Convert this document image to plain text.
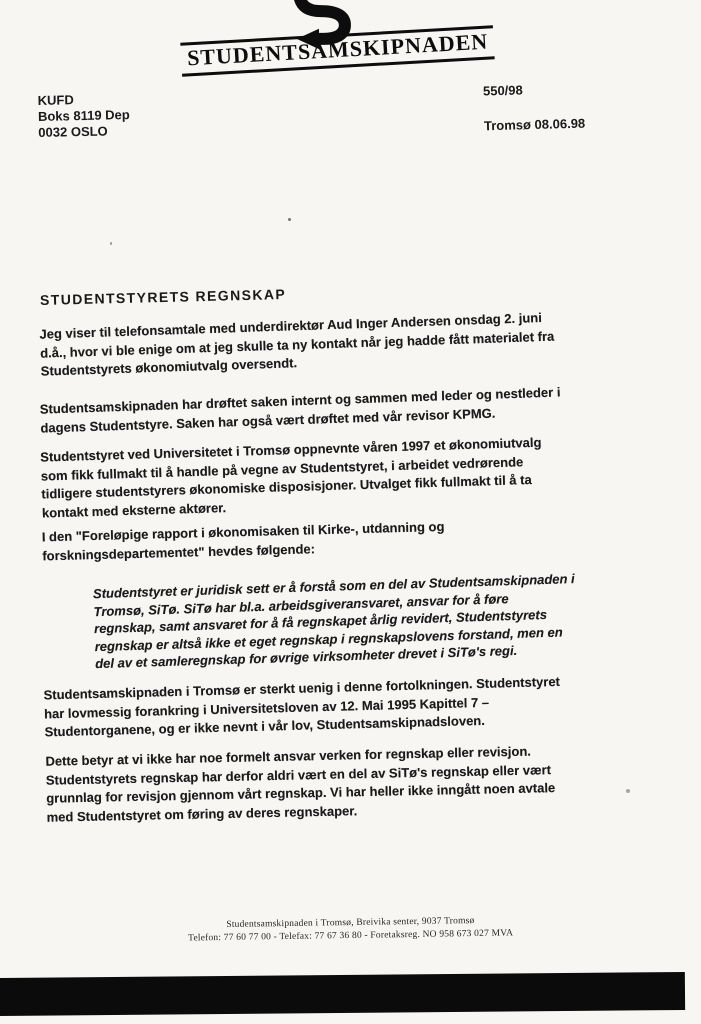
STUDENTSAMSKIPNADEN
KUFD
Boks 8119 Dep
0032 OSLO
550/98
Tromsø 08.06.98
STUDENTSTYRETS REGNSKAP
Jeg viser til telefonsamtale med underdirektør Aud Inger Andersen onsdag 2. juni
d.å., hvor vi ble enige om at jeg skulle ta ny kontakt når jeg hadde fått materialet fra
Studentstyrets økonomiutvalg oversendt.
Studentsamskipnaden har drøftet saken internt og sammen med leder og nestleder i
dagens Studentstyre. Saken har også vært drøftet med vår revisor KPMG.
Studentstyret ved Universitetet i Tromsø oppnevnte våren 1997 et økonomiutvalg
som fikk fullmakt til å handle på vegne av Studentstyret, i arbeidet vedrørende
tidligere studentstyrers økonomiske disposisjoner. Utvalget fikk fullmakt til å ta
kontakt med eksterne aktører.
I den "Foreløpige rapport i økonomisaken til Kirke-, utdanning og
forskningsdepartementet" hevdes følgende:
Studentstyret er juridisk sett er å forstå som en del av Studentsamskipnaden i
Tromsø, SiTø. SiTø har bl.a. arbeidsgiveransvaret, ansvar for å føre
regnskap, samt ansvaret for å få regnskapet årlig revidert, Studentstyrets
regnskap er altså ikke et eget regnskap i regnskapslovens forstand, men en
del av et samleregnskap for øvrige virksomheter drevet i SiTø's regi.
Studentsamskipnaden i Tromsø er sterkt uenig i denne fortolkningen. Studentstyret
har lovmessig forankring i Universitetsloven av 12. Mai 1995 Kapittel 7 –
Studentorganene, og er ikke nevnt i vår lov, Studentsamskipnadsloven.
Dette betyr at vi ikke har noe formelt ansvar verken for regnskap eller revisjon.
Studentstyrets regnskap har derfor aldri vært en del av SiTø's regnskap eller vært
grunnlag for revisjon gjennom vårt regnskap. Vi har heller ikke inngått noen avtale
med Studentstyret om føring av deres regnskaper.
Studentsamskipnaden i Tromsø, Breivika senter, 9037 Tromsø
Telefon: 77 60 77 00 - Telefax: 77 67 36 80 - Foretaksreg. NO 958 673 027 MVA
